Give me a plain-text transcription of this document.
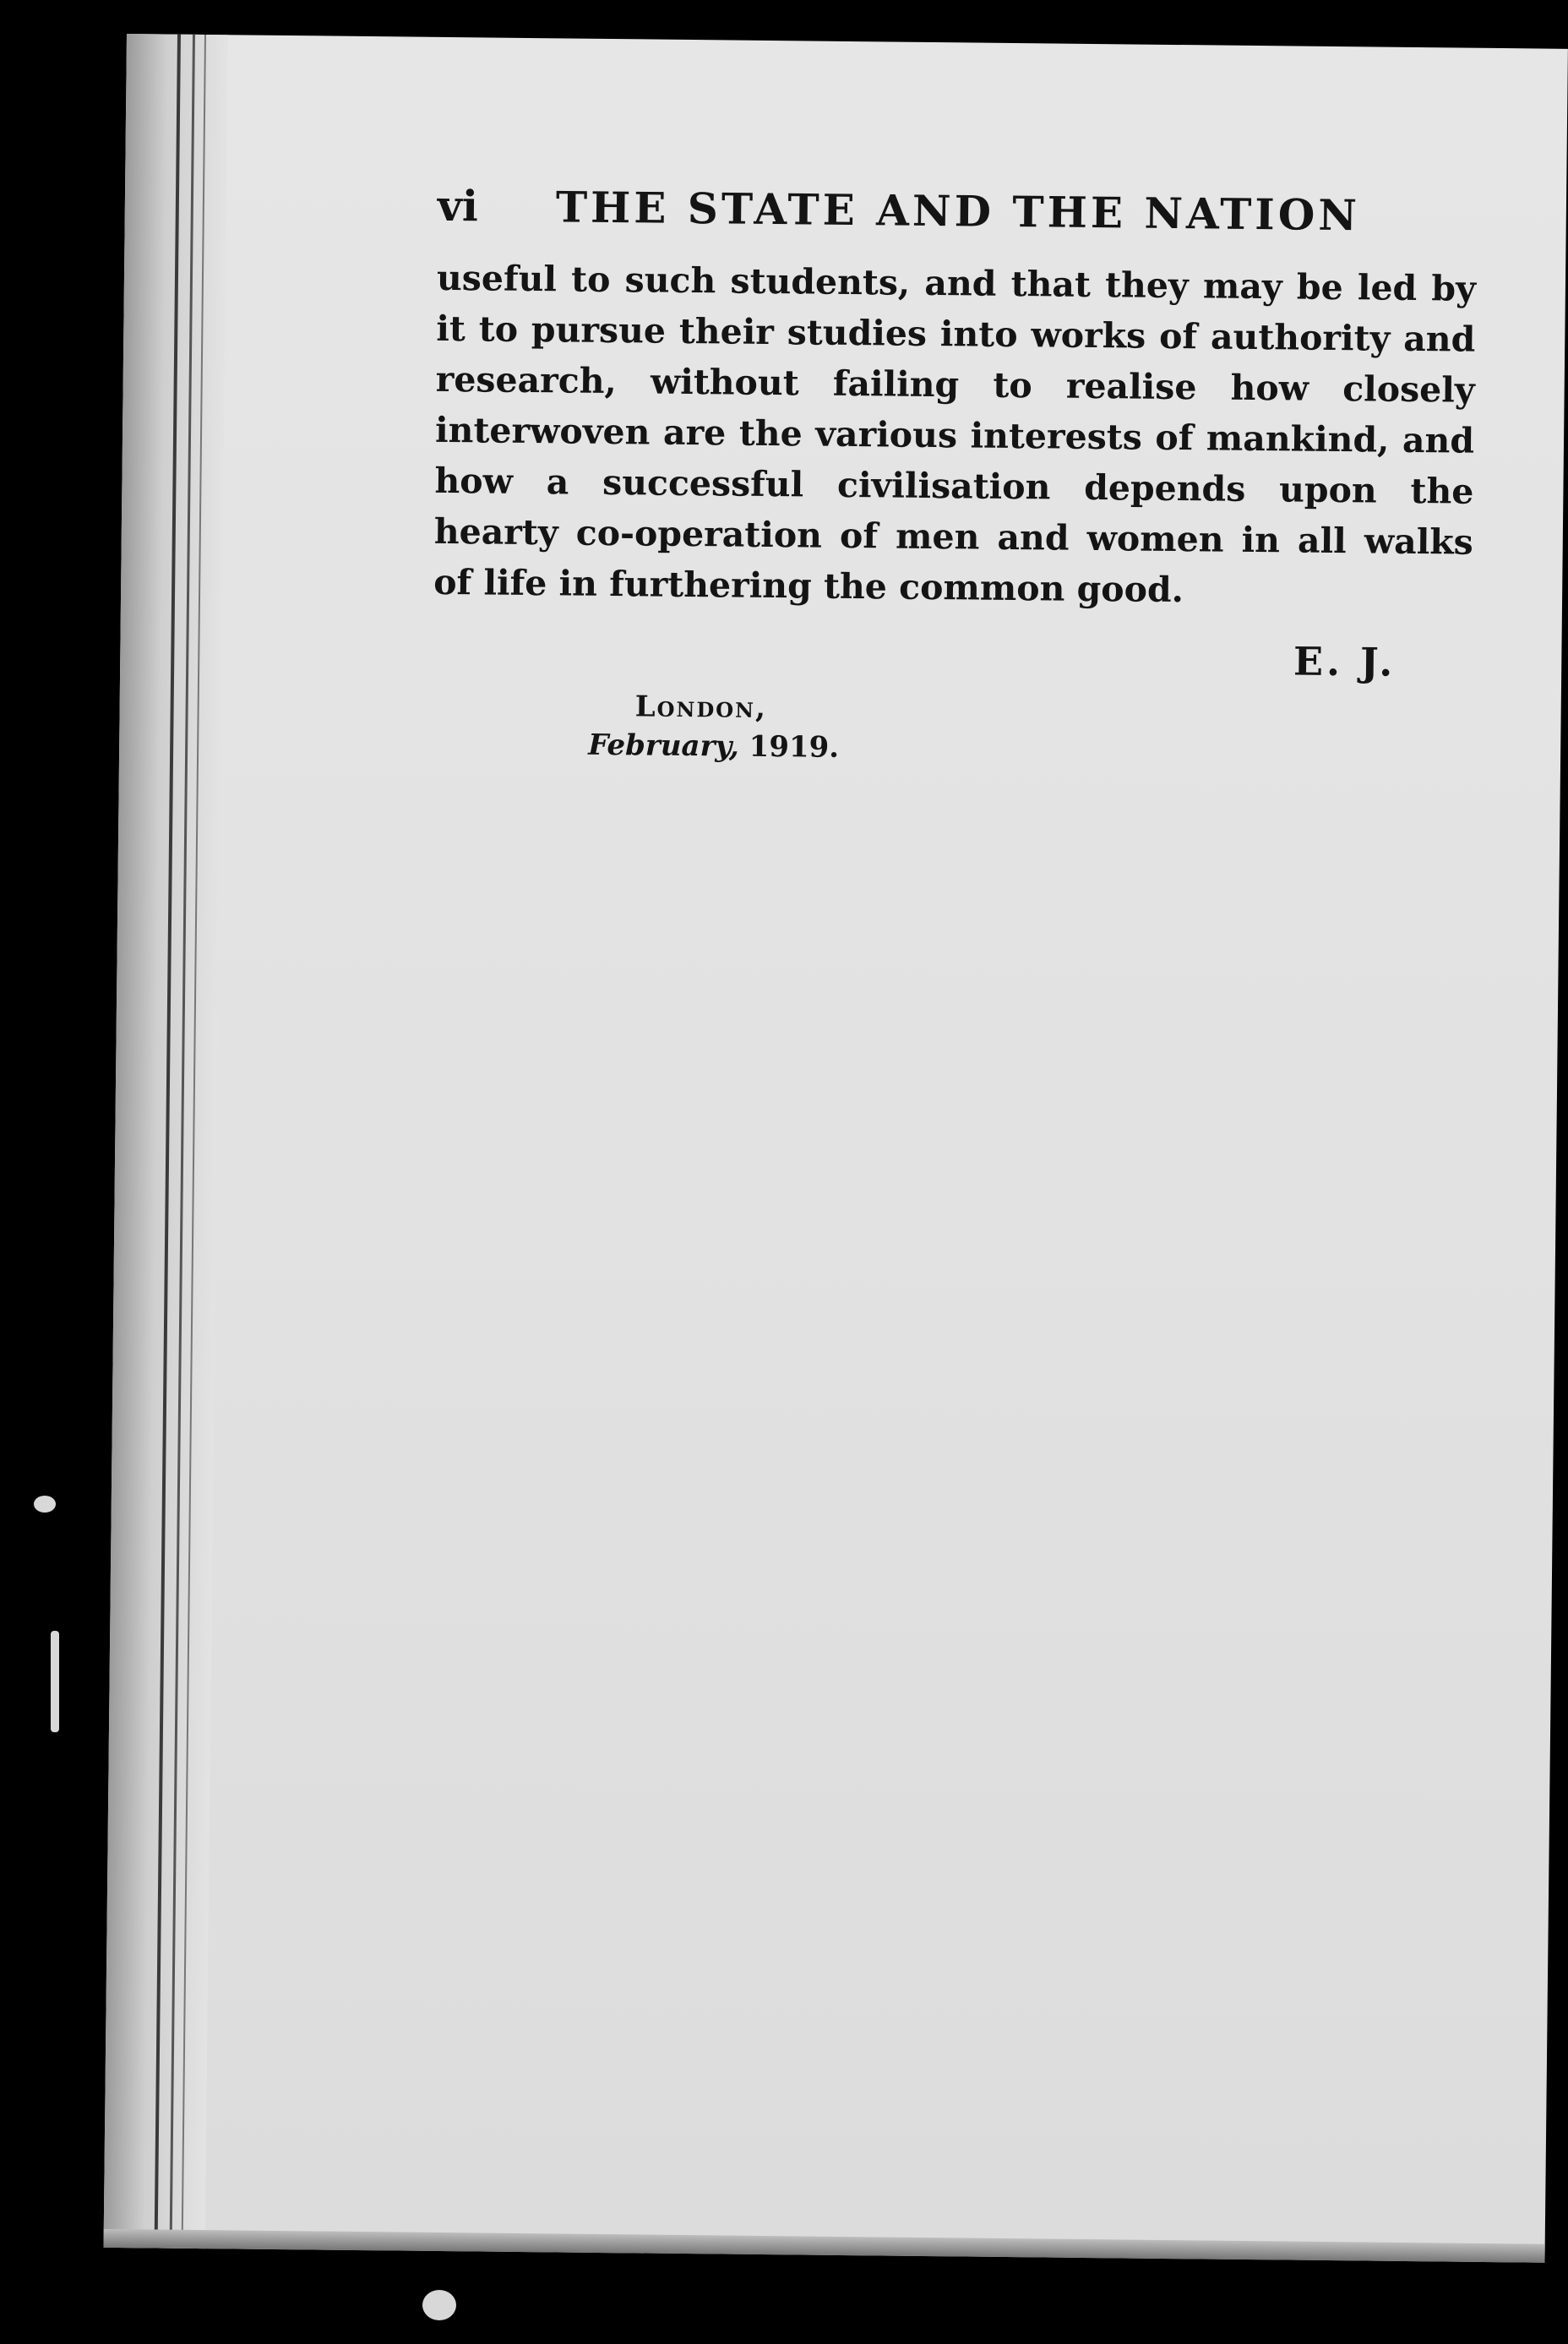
vi	THE STATE AND THE NATION

useful to such students, and that they may be led by it to pursue their studies into works of authority and research, without failing to realise how closely interwoven are the various interests of mankind, and how a successful civilisation depends upon the hearty co-operation of men and women in all walks of life in furthering the common good.

E. J.
London,
February, 1919.
